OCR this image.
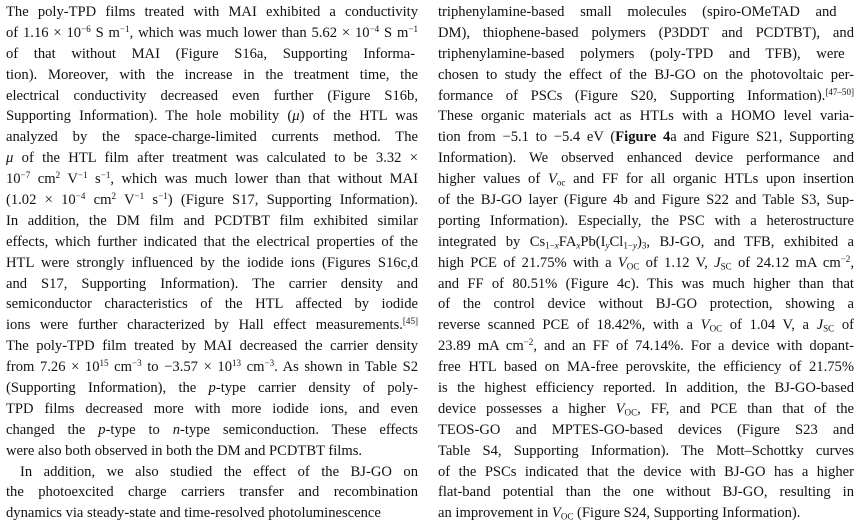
The poly-TPD films treated with MAI exhibited a conductivity
of $1.16 \times 10^{-6}$ S $m^{-1}$, which was much lower than $5.62 \times 10^{-4}$ S $m^{-1}$
of that without MAI (Figure S16a, Supporting Informa-
tion). Moreover, with the increase in the treatment time, the
electrical conductivity decreased even further (Figure S16b,
Supporting Information). The hole mobility (μ) of the HTL was
analyzed by the space-charge-limited currents method. The
μ of the HTL film after treatment was calculated to be 3.32 ×
$10^{-7}$ $cm^2$ $V^{-1}$ $s^{-1}$, which was much lower than that without MAI
($1.02 \times 10^{-4}$ $cm^2$ $V^{-1}$ $s^{-1}$) (Figure S17, Supporting Information).
In addition, the DM film and PCDTBT film exhibited similar
effects, which further indicated that the electrical properties of the
HTL were strongly influenced by the iodide ions (Figures S16c,d
and S17, Supporting Information). The carrier density and
semiconductor characteristics of the HTL affected by iodide
ions were further characterized by Hall effect measurements.[45]
The poly-TPD film treated by MAI decreased the carrier density
from $7.26 \times 10^{15}$ $cm^{-3}$ to $-3.57 \times 10^{13}$ $cm^{-3}$. As shown in Table S2
(Supporting Information), the p-type carrier density of poly-
TPD films decreased more with more iodide ions, and even
changed the p-type to n-type semiconduction. These effects
were also both observed in both the DM and PCDTBT films.
In addition, we also studied the effect of the BJ-GO on
the photoexcited charge carriers transfer and recombination
dynamics via steady-state and time-resolved photoluminescence
triphenylamine-based small molecules (spiro-OMeTAD and
DM), thiophene-based polymers (P3DDT and PCDTBT), and
triphenylamine-based polymers (poly-TPD and TFB), were
chosen to study the effect of the BJ-GO on the photovoltaic per-
formance of PSCs (Figure S20, Supporting Information).[47–50]
These organic materials act as HTLs with a HOMO level varia-
tion from −5.1 to −5.4 eV (Figure 4a and Figure S21, Supporting
Information). We observed enhanced device performance and
higher values of $V_{oc}$ and FF for all organic HTLs upon insertion
of the BJ-GO layer (Figure 4b and Figure S22 and Table S3, Sup-
porting Information). Especially, the PSC with a heterostructure
integrated by $Cs_{1-x}FA_xPb(I_yCl_{1-y})_3$, BJ-GO, and TFB, exhibited a
high PCE of 21.75% with a $V_{OC}$ of 1.12 V, $J_{SC}$ of 24.12 mA $cm^{-2}$,
and FF of 80.51% (Figure 4c). This was much higher than that
of the control device without BJ-GO protection, showing a
reverse scanned PCE of 18.42%, with a $V_{OC}$ of 1.04 V, a $J_{SC}$ of
23.89 mA $cm^{-2}$, and an FF of 74.14%. For a device with dopant-
free HTL based on MA-free perovskite, the efficiency of 21.75%
is the highest efficiency reported. In addition, the BJ-GO-based
device possesses a higher $V_{OC}$, FF, and PCE than that of the
TEOS-GO and MPTES-GO-based devices (Figure S23 and
Table S4, Supporting Information). The Mott–Schottky curves
of the PSCs indicated that the device with BJ-GO has a higher
flat-band potential than the one without BJ-GO, resulting in
an improvement in $V_{OC}$ (Figure S24, Supporting Information).
